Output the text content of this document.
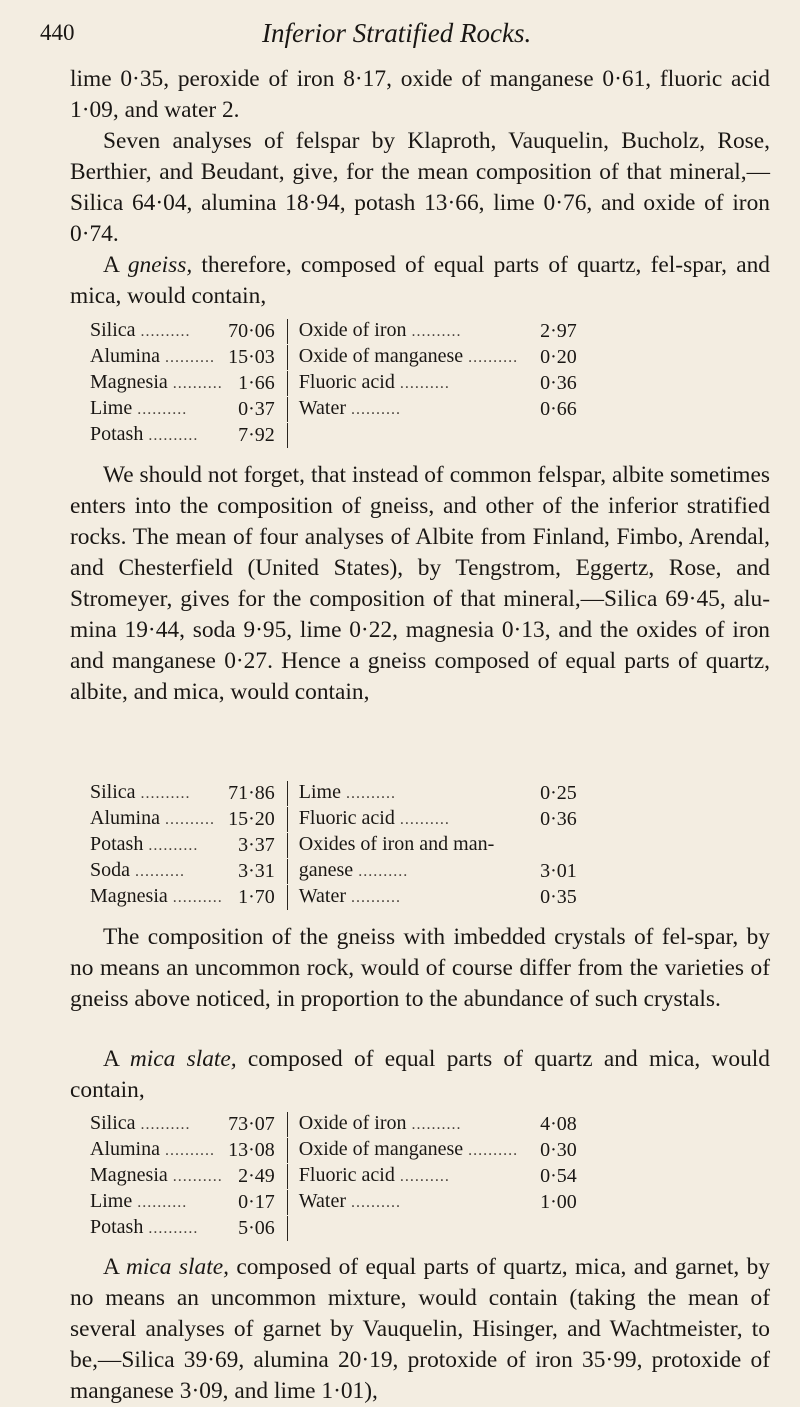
440	Inferior Stratified Rocks.

lime 0·35, peroxide of iron 8·17, oxide of manganese 0·61, fluoric acid 1·09, and water 2.

Seven analyses of felspar by Klaproth, Vauquelin, Bucholz, Rose, Berthier, and Beudant, give, for the mean composition of that mineral,—Silica 64·04, alumina 18·94, potash 13·66, lime 0·76, and oxide of iron 0·74.

A gneiss, therefore, composed of equal parts of quartz, fel-spar, and mica, would contain,

Silica ..........	70·06		Oxide of iron ..........	2·97
Alumina ..........	15·03		Oxide of manganese ..........	0·20
Magnesia ..........	1·66		Fluoric acid ..........	0·36
Lime ..........	0·37		Water ..........	0·66
Potash ..........	7·92	

We should not forget, that instead of common felspar, albite sometimes enters into the composition of gneiss, and other of the inferior stratified rocks. The mean of four analyses of Albite from Finland, Fimbo, Arendal, and Chesterfield (United States), by Tengstrom, Eggertz, Rose, and Stromeyer, gives for the composition of that mineral,—Silica 69·45, alu-mina 19·44, soda 9·95, lime 0·22, magnesia 0·13, and the oxides of iron and manganese 0·27. Hence a gneiss composed of equal parts of quartz, albite, and mica, would contain,

Silica ..........	71·86		Lime ..........	0·25
Alumina ..........	15·20		Fluoric acid ..........	0·36
Potash ..........	3·37		Oxides of iron and man-	
Soda ..........	3·31		ganese ..........	3·01
Magnesia ..........	1·70		Water ..........	0·35

The composition of the gneiss with imbedded crystals of fel-spar, by no means an uncommon rock, would of course differ from the varieties of gneiss above noticed, in proportion to the abundance of such crystals.

A mica slate, composed of equal parts of quartz and mica, would contain,

Silica ..........	73·07		Oxide of iron ..........	4·08
Alumina ..........	13·08		Oxide of manganese ..........	0·30
Magnesia ..........	2·49		Fluoric acid ..........	0·54
Lime ..........	0·17		Water ..........	1·00
Potash ..........	5·06	

A mica slate, composed of equal parts of quartz, mica, and garnet, by no means an uncommon mixture, would contain (taking the mean of several analyses of garnet by Vauquelin, Hisinger, and Wachtmeister, to be,—Silica 39·69, alumina 20·19, protoxide of iron 35·99, protoxide of manganese 3·09, and lime 1·01),
